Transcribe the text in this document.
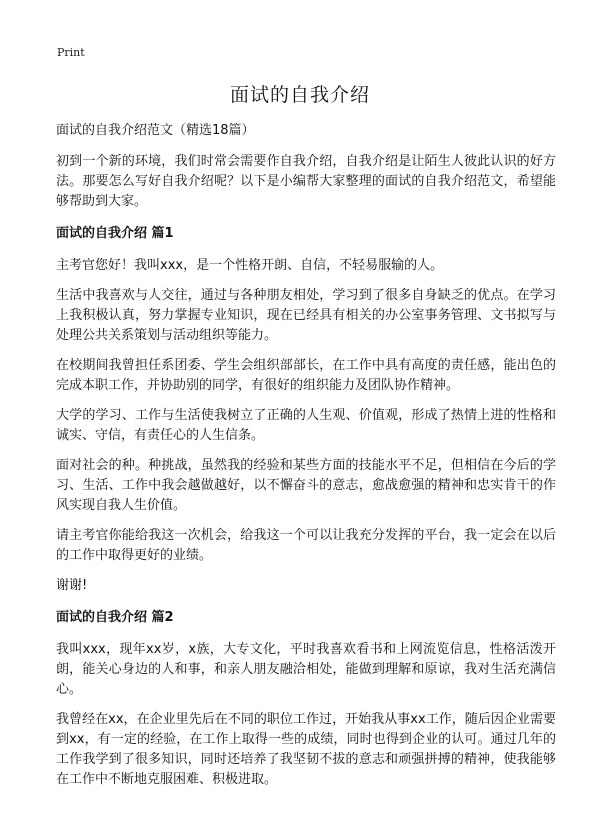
Print
面试的自我介绍

面试的自我介绍范文（精选18篇）

初到一个新的环境，我们时常会需要作自我介绍，自我介绍是让陌生人彼此认识的好方法。那要怎么写好自我介绍呢？以下是小编帮大家整理的面试的自我介绍范文，希望能够帮助到大家。

面试的自我介绍 篇1

主考官您好！我叫xxx，是一个性格开朗、自信，不轻易服输的人。

生活中我喜欢与人交往，通过与各种朋友相处，学习到了很多自身缺乏的优点。在学习上我积极认真，努力掌握专业知识，现在已经具有相关的办公室事务管理、文书拟写与处理公共关系策划与活动组织等能力。

在校期间我曾担任系团委、学生会组织部部长，在工作中具有高度的责任感，能出色的完成本职工作，并协助别的同学，有很好的组织能力及团队协作精神。

大学的学习、工作与生活使我树立了正确的人生观、价值观，形成了热情上进的性格和诚实、守信，有责任心的人生信条。

面对社会的种。种挑战，虽然我的经验和某些方面的技能水平不足，但相信在今后的学习、生活、工作中我会越做越好，以不懈奋斗的意志，愈战愈强的精神和忠实肯干的作风实现自我人生价值。

请主考官你能给我这一次机会，给我这一个可以让我充分发挥的平台，我一定会在以后的工作中取得更好的业绩。

谢谢!

面试的自我介绍 篇2

我叫xxx，现年xx岁，x族，大专文化，平时我喜欢看书和上网流览信息，性格活泼开朗，能关心身边的人和事，和亲人朋友融洽相处，能做到理解和原谅，我对生活充满信心。

我曾经在xx，在企业里先后在不同的职位工作过，开始我从事xx工作，随后因企业需要到xx，有一定的经验，在工作上取得一些的成绩，同时也得到企业的认可。通过几年的工作我学到了很多知识，同时还培养了我坚韧不拔的意志和顽强拼搏的精神，使我能够在工作中不断地克服困难、积极进取。
